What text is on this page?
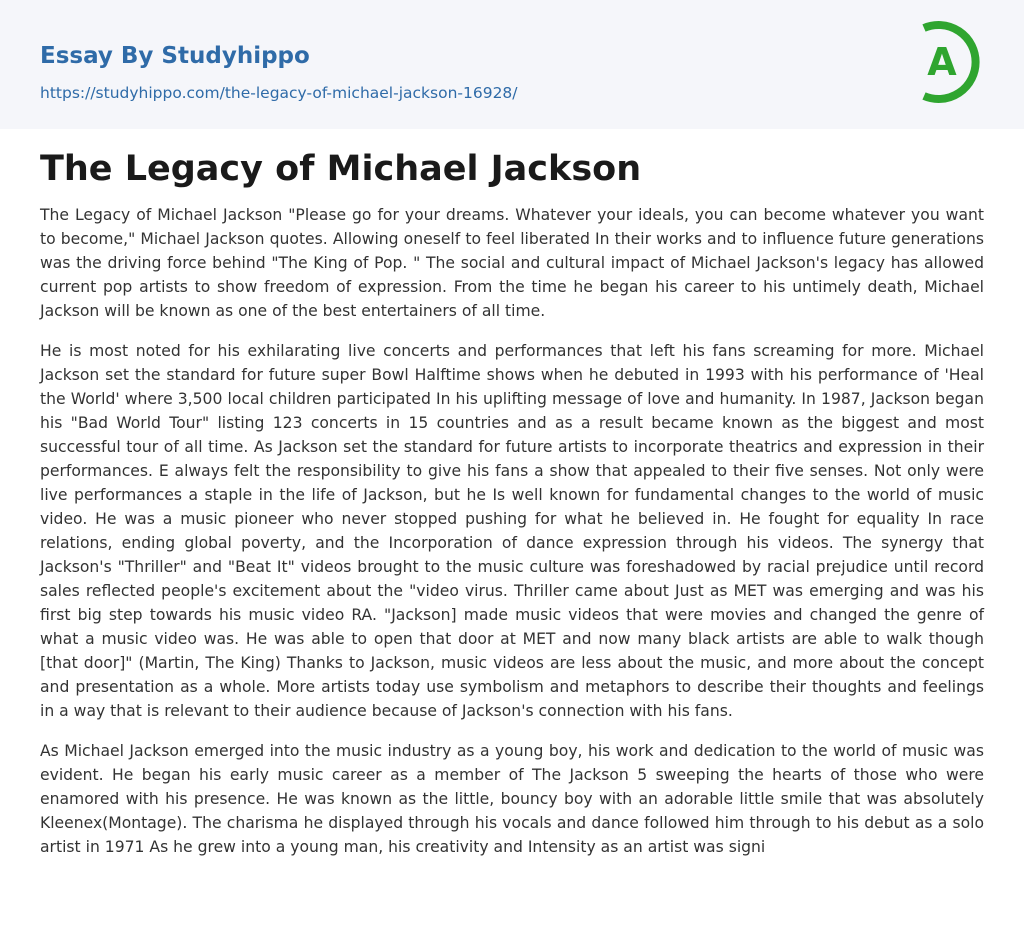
Essay By Studyhippo
https://studyhippo.com/the-legacy-of-michael-jackson-16928/
A
The Legacy of Michael Jackson

The Legacy of Michael Jackson "Please go for your dreams. Whatever your ideals, you can become whatever you want to become," Michael Jackson quotes. Allowing oneself to feel liberated In their works and to influence future generations was the driving force behind "The King of Pop. " The social and cultural impact of Michael Jackson's legacy has allowed current pop artists to show freedom of expression. From the time he began his career to his untimely death, Michael Jackson will be known as one of the best entertainers of all time.

He is most noted for his exhilarating live concerts and performances that left his fans screaming for more. Michael Jackson set the standard for future super Bowl Halftime shows when he debuted in 1993 with his performance of 'Heal the World' where 3,500 local children participated In his uplifting message of love and humanity. In 1987, Jackson began his "Bad World Tour" listing 123 concerts in 15 countries and as a result became known as the biggest and most successful tour of all time. As Jackson set the standard for future artists to incorporate theatrics and expression in their performances. E always felt the responsibility to give his fans a show that appealed to their five senses. Not only were live performances a staple in the life of Jackson, but he Is well known for fundamental changes to the world of music video. He was a music pioneer who never stopped pushing for what he believed in. He fought for equality In race relations, ending global poverty, and the Incorporation of dance expression through his videos. The synergy that Jackson's "Thriller" and "Beat It" videos brought to the music culture was foreshadowed by racial prejudice until record sales reflected people's excitement about the "video virus. Thriller came about Just as MET was emerging and was his first big step towards his music video RA. "Jackson] made music videos that were movies and changed the genre of what a music video was. He was able to open that door at MET and now many black artists are able to walk though [that door]" (Martin, The King) Thanks to Jackson, music videos are less about the music, and more about the concept and presentation as a whole. More artists today use symbolism and metaphors to describe their thoughts and feelings in a way that is relevant to their audience because of Jackson's connection with his fans.

As Michael Jackson emerged into the music industry as a young boy, his work and dedication to the world of music was evident. He began his early music career as a member of The Jackson 5 sweeping the hearts of those who were enamored with his presence. He was known as the little, bouncy boy with an adorable little smile that was absolutely Kleenex(Montage). The charisma he displayed through his vocals and dance followed him through to his debut as a solo artist in 1971 As he grew into a young man, his creativity and Intensity as an artist was signi
